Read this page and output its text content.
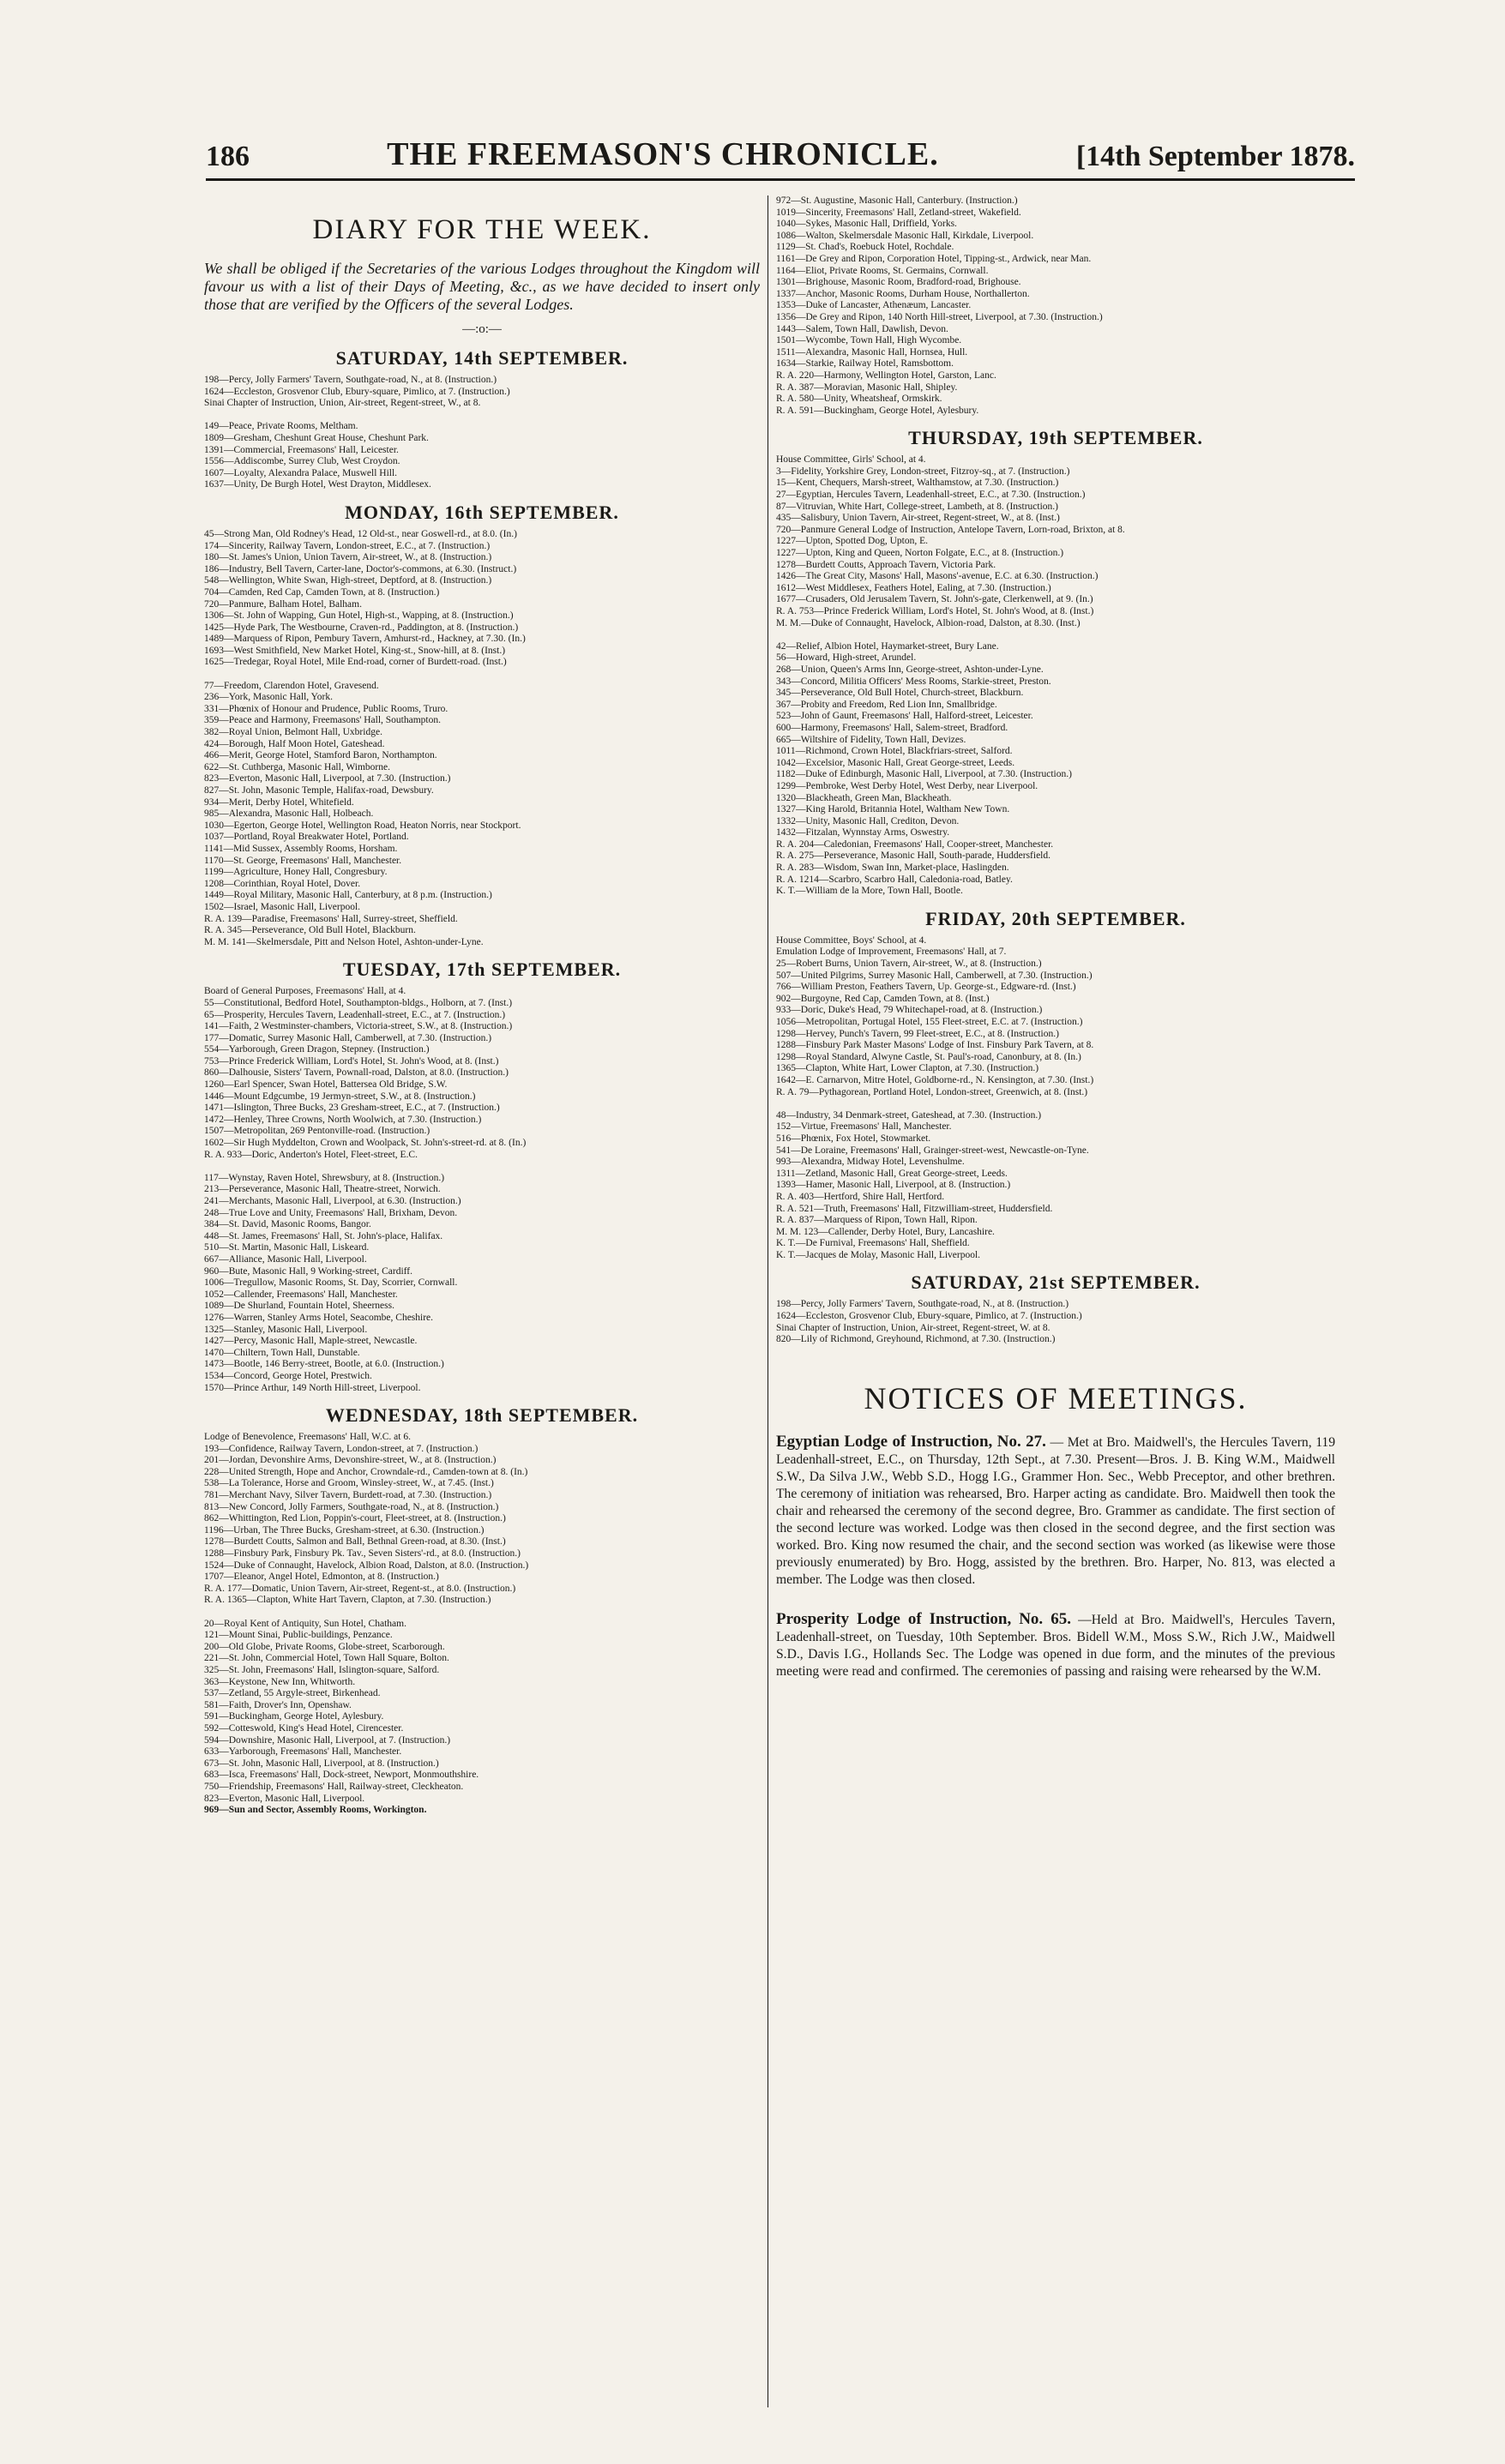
186	THE FREEMASON'S CHRONICLE.	[14th September 1878.
DIARY FOR THE WEEK.

We shall be obliged if the Secretaries of the various Lodges throughout the Kingdom will favour us with a list of their Days of Meeting, &c., as we have decided to insert only those that are verified by the Officers of the several Lodges.

—:o:—
SATURDAY, 14th SEPTEMBER.
198—Percy, Jolly Farmers' Tavern, Southgate-road, N., at 8. (Instruction.)
1624—Eccleston, Grosvenor Club, Ebury-square, Pimlico, at 7. (Instruction.)
Sinai Chapter of Instruction, Union, Air-street, Regent-street, W., at 8.

149—Peace, Private Rooms, Meltham.
1809—Gresham, Cheshunt Great House, Cheshunt Park.
1391—Commercial, Freemasons' Hall, Leicester.
1556—Addiscombe, Surrey Club, West Croydon.
1607—Loyalty, Alexandra Palace, Muswell Hill.
1637—Unity, De Burgh Hotel, West Drayton, Middlesex.
MONDAY, 16th SEPTEMBER.
45—Strong Man, Old Rodney's Head, 12 Old-st., near Goswell-rd., at 8.0. (In.)
174—Sincerity, Railway Tavern, London-street, E.C., at 7. (Instruction.)
180—St. James's Union, Union Tavern, Air-street, W., at 8. (Instruction.)
186—Industry, Bell Tavern, Carter-lane, Doctor's-commons, at 6.30. (Instruct.)
548—Wellington, White Swan, High-street, Deptford, at 8. (Instruction.)
704—Camden, Red Cap, Camden Town, at 8. (Instruction.)
720—Panmure, Balham Hotel, Balham.
1306—St. John of Wapping, Gun Hotel, High-st., Wapping, at 8. (Instruction.)
1425—Hyde Park, The Westbourne, Craven-rd., Paddington, at 8. (Instruction.)
1489—Marquess of Ripon, Pembury Tavern, Amhurst-rd., Hackney, at 7.30. (In.)
1693—West Smithfield, New Market Hotel, King-st., Snow-hill, at 8. (Inst.)
1625—Tredegar, Royal Hotel, Mile End-road, corner of Burdett-road. (Inst.)

77—Freedom, Clarendon Hotel, Gravesend.
236—York, Masonic Hall, York.
331—Phœnix of Honour and Prudence, Public Rooms, Truro.
359—Peace and Harmony, Freemasons' Hall, Southampton.
382—Royal Union, Belmont Hall, Uxbridge.
424—Borough, Half Moon Hotel, Gateshead.
466—Merit, George Hotel, Stamford Baron, Northampton.
622—St. Cuthberga, Masonic Hall, Wimborne.
823—Everton, Masonic Hall, Liverpool, at 7.30. (Instruction.)
827—St. John, Masonic Temple, Halifax-road, Dewsbury.
934—Merit, Derby Hotel, Whitefield.
985—Alexandra, Masonic Hall, Holbeach.
1030—Egerton, George Hotel, Wellington Road, Heaton Norris, near Stockport.
1037—Portland, Royal Breakwater Hotel, Portland.
1141—Mid Sussex, Assembly Rooms, Horsham.
1170—St. George, Freemasons' Hall, Manchester.
1199—Agriculture, Honey Hall, Congresbury.
1208—Corinthian, Royal Hotel, Dover.
1449—Royal Military, Masonic Hall, Canterbury, at 8 p.m. (Instruction.)
1502—Israel, Masonic Hall, Liverpool.
R. A. 139—Paradise, Freemasons' Hall, Surrey-street, Sheffield.
R. A. 345—Perseverance, Old Bull Hotel, Blackburn.
M. M. 141—Skelmersdale, Pitt and Nelson Hotel, Ashton-under-Lyne.
TUESDAY, 17th SEPTEMBER.
Board of General Purposes, Freemasons' Hall, at 4.
55—Constitutional, Bedford Hotel, Southampton-bldgs., Holborn, at 7. (Inst.)
65—Prosperity, Hercules Tavern, Leadenhall-street, E.C., at 7. (Instruction.)
141—Faith, 2 Westminster-chambers, Victoria-street, S.W., at 8. (Instruction.)
177—Domatic, Surrey Masonic Hall, Camberwell, at 7.30. (Instruction.)
554—Yarborough, Green Dragon, Stepney. (Instruction.)
753—Prince Frederick William, Lord's Hotel, St. John's Wood, at 8. (Inst.)
860—Dalhousie, Sisters' Tavern, Pownall-road, Dalston, at 8.0. (Instruction.)
1260—Earl Spencer, Swan Hotel, Battersea Old Bridge, S.W.
1446—Mount Edgcumbe, 19 Jermyn-street, S.W., at 8. (Instruction.)
1471—Islington, Three Bucks, 23 Gresham-street, E.C., at 7. (Instruction.)
1472—Henley, Three Crowns, North Woolwich, at 7.30. (Instruction.)
1507—Metropolitan, 269 Pentonville-road. (Instruction.)
1602—Sir Hugh Myddelton, Crown and Woolpack, St. John's-street-rd. at 8. (In.)
R. A. 933—Doric, Anderton's Hotel, Fleet-street, E.C.

117—Wynstay, Raven Hotel, Shrewsbury, at 8. (Instruction.)
213—Perseverance, Masonic Hall, Theatre-street, Norwich.
241—Merchants, Masonic Hall, Liverpool, at 6.30. (Instruction.)
248—True Love and Unity, Freemasons' Hall, Brixham, Devon.
384—St. David, Masonic Rooms, Bangor.
448—St. James, Freemasons' Hall, St. John's-place, Halifax.
510—St. Martin, Masonic Hall, Liskeard.
667—Alliance, Masonic Hall, Liverpool.
960—Bute, Masonic Hall, 9 Working-street, Cardiff.
1006—Tregullow, Masonic Rooms, St. Day, Scorrier, Cornwall.
1052—Callender, Freemasons' Hall, Manchester.
1089—De Shurland, Fountain Hotel, Sheerness.
1276—Warren, Stanley Arms Hotel, Seacombe, Cheshire.
1325—Stanley, Masonic Hall, Liverpool.
1427—Percy, Masonic Hall, Maple-street, Newcastle.
1470—Chiltern, Town Hall, Dunstable.
1473—Bootle, 146 Berry-street, Bootle, at 6.0. (Instruction.)
1534—Concord, George Hotel, Prestwich.
1570—Prince Arthur, 149 North Hill-street, Liverpool.
WEDNESDAY, 18th SEPTEMBER.
Lodge of Benevolence, Freemasons' Hall, W.C. at 6.
193—Confidence, Railway Tavern, London-street, at 7. (Instruction.)
201—Jordan, Devonshire Arms, Devonshire-street, W., at 8. (Instruction.)
228—United Strength, Hope and Anchor, Crowndale-rd., Camden-town at 8. (In.)
538—La Tolerance, Horse and Groom, Winsley-street, W., at 7.45. (Inst.)
781—Merchant Navy, Silver Tavern, Burdett-road, at 7.30. (Instruction.)
813—New Concord, Jolly Farmers, Southgate-road, N., at 8. (Instruction.)
862—Whittington, Red Lion, Poppin's-court, Fleet-street, at 8. (Instruction.)
1196—Urban, The Three Bucks, Gresham-street, at 6.30. (Instruction.)
1278—Burdett Coutts, Salmon and Ball, Bethnal Green-road, at 8.30. (Inst.)
1288—Finsbury Park, Finsbury Pk. Tav., Seven Sisters'-rd., at 8.0. (Instruction.)
1524—Duke of Connaught, Havelock, Albion Road, Dalston, at 8.0. (Instruction.)
1707—Eleanor, Angel Hotel, Edmonton, at 8. (Instruction.)
R. A. 177—Domatic, Union Tavern, Air-street, Regent-st., at 8.0. (Instruction.)
R. A. 1365—Clapton, White Hart Tavern, Clapton, at 7.30. (Instruction.)

20—Royal Kent of Antiquity, Sun Hotel, Chatham.
121—Mount Sinai, Public-buildings, Penzance.
200—Old Globe, Private Rooms, Globe-street, Scarborough.
221—St. John, Commercial Hotel, Town Hall Square, Bolton.
325—St. John, Freemasons' Hall, Islington-square, Salford.
363—Keystone, New Inn, Whitworth.
537—Zetland, 55 Argyle-street, Birkenhead.
581—Faith, Drover's Inn, Openshaw.
591—Buckingham, George Hotel, Aylesbury.
592—Cotteswold, King's Head Hotel, Cirencester.
594—Downshire, Masonic Hall, Liverpool, at 7. (Instruction.)
633—Yarborough, Freemasons' Hall, Manchester.
673—St. John, Masonic Hall, Liverpool, at 8. (Instruction.)
683—Isca, Freemasons' Hall, Dock-street, Newport, Monmouthshire.
750—Friendship, Freemasons' Hall, Railway-street, Cleckheaton.
823—Everton, Masonic Hall, Liverpool.
969—Sun and Sector, Assembly Rooms, Workington.
972—St. Augustine, Masonic Hall, Canterbury. (Instruction.)
1019—Sincerity, Freemasons' Hall, Zetland-street, Wakefield.
1040—Sykes, Masonic Hall, Driffield, Yorks.
1086—Walton, Skelmersdale Masonic Hall, Kirkdale, Liverpool.
1129—St. Chad's, Roebuck Hotel, Rochdale.
1161—De Grey and Ripon, Corporation Hotel, Tipping-st., Ardwick, near Man.
1164—Eliot, Private Rooms, St. Germains, Cornwall.
1301—Brighouse, Masonic Room, Bradford-road, Brighouse.
1337—Anchor, Masonic Rooms, Durham House, Northallerton.
1353—Duke of Lancaster, Athenæum, Lancaster.
1356—De Grey and Ripon, 140 North Hill-street, Liverpool, at 7.30. (Instruction.)
1443—Salem, Town Hall, Dawlish, Devon.
1501—Wycombe, Town Hall, High Wycombe.
1511—Alexandra, Masonic Hall, Hornsea, Hull.
1634—Starkie, Railway Hotel, Ramsbottom.
R. A. 220—Harmony, Wellington Hotel, Garston, Lanc.
R. A. 387—Moravian, Masonic Hall, Shipley.
R. A. 580—Unity, Wheatsheaf, Ormskirk.
R. A. 591—Buckingham, George Hotel, Aylesbury.
THURSDAY, 19th SEPTEMBER.
House Committee, Girls' School, at 4.
3—Fidelity, Yorkshire Grey, London-street, Fitzroy-sq., at 7. (Instruction.)
15—Kent, Chequers, Marsh-street, Walthamstow, at 7.30. (Instruction.)
27—Egyptian, Hercules Tavern, Leadenhall-street, E.C., at 7.30. (Instruction.)
87—Vitruvian, White Hart, College-street, Lambeth, at 8. (Instruction.)
435—Salisbury, Union Tavern, Air-street, Regent-street, W., at 8. (Inst.)
720—Panmure General Lodge of Instruction, Antelope Tavern, Lorn-road, Brixton, at 8.
1227—Upton, Spotted Dog, Upton, E.
1227—Upton, King and Queen, Norton Folgate, E.C., at 8. (Instruction.)
1278—Burdett Coutts, Approach Tavern, Victoria Park.
1426—The Great City, Masons' Hall, Masons'-avenue, E.C. at 6.30. (Instruction.)
1612—West Middlesex, Feathers Hotel, Ealing, at 7.30. (Instruction.)
1677—Crusaders, Old Jerusalem Tavern, St. John's-gate, Clerkenwell, at 9. (In.)
R. A. 753—Prince Frederick William, Lord's Hotel, St. John's Wood, at 8. (Inst.)
M. M.—Duke of Connaught, Havelock, Albion-road, Dalston, at 8.30. (Inst.)

42—Relief, Albion Hotel, Haymarket-street, Bury Lane.
56—Howard, High-street, Arundel.
268—Union, Queen's Arms Inn, George-street, Ashton-under-Lyne.
343—Concord, Militia Officers' Mess Rooms, Starkie-street, Preston.
345—Perseverance, Old Bull Hotel, Church-street, Blackburn.
367—Probity and Freedom, Red Lion Inn, Smallbridge.
523—John of Gaunt, Freemasons' Hall, Halford-street, Leicester.
600—Harmony, Freemasons' Hall, Salem-street, Bradford.
665—Wiltshire of Fidelity, Town Hall, Devizes.
1011—Richmond, Crown Hotel, Blackfriars-street, Salford.
1042—Excelsior, Masonic Hall, Great George-street, Leeds.
1182—Duke of Edinburgh, Masonic Hall, Liverpool, at 7.30. (Instruction.)
1299—Pembroke, West Derby Hotel, West Derby, near Liverpool.
1320—Blackheath, Green Man, Blackheath.
1327—King Harold, Britannia Hotel, Waltham New Town.
1332—Unity, Masonic Hall, Crediton, Devon.
1432—Fitzalan, Wynnstay Arms, Oswestry.
R. A. 204—Caledonian, Freemasons' Hall, Cooper-street, Manchester.
R. A. 275—Perseverance, Masonic Hall, South-parade, Huddersfield.
R. A. 283—Wisdom, Swan Inn, Market-place, Haslingden.
R. A. 1214—Scarbro, Scarbro Hall, Caledonia-road, Batley.
K. T.—William de la More, Town Hall, Bootle.
FRIDAY, 20th SEPTEMBER.
House Committee, Boys' School, at 4.
Emulation Lodge of Improvement, Freemasons' Hall, at 7.
25—Robert Burns, Union Tavern, Air-street, W., at 8. (Instruction.)
507—United Pilgrims, Surrey Masonic Hall, Camberwell, at 7.30. (Instruction.)
766—William Preston, Feathers Tavern, Up. George-st., Edgware-rd. (Inst.)
902—Burgoyne, Red Cap, Camden Town, at 8. (Inst.)
933—Doric, Duke's Head, 79 Whitechapel-road, at 8. (Instruction.)
1056—Metropolitan, Portugal Hotel, 155 Fleet-street, E.C. at 7. (Instruction.)
1298—Hervey, Punch's Tavern, 99 Fleet-street, E.C., at 8. (Instruction.)
1288—Finsbury Park Master Masons' Lodge of Inst. Finsbury Park Tavern, at 8.
1298—Royal Standard, Alwyne Castle, St. Paul's-road, Canonbury, at 8. (In.)
1365—Clapton, White Hart, Lower Clapton, at 7.30. (Instruction.)
1642—E. Carnarvon, Mitre Hotel, Goldborne-rd., N. Kensington, at 7.30. (Inst.)
R. A. 79—Pythagorean, Portland Hotel, London-street, Greenwich, at 8. (Inst.)

48—Industry, 34 Denmark-street, Gateshead, at 7.30. (Instruction.)
152—Virtue, Freemasons' Hall, Manchester.
516—Phœnix, Fox Hotel, Stowmarket.
541—De Loraine, Freemasons' Hall, Grainger-street-west, Newcastle-on-Tyne.
993—Alexandra, Midway Hotel, Levenshulme.
1311—Zetland, Masonic Hall, Great George-street, Leeds.
1393—Hamer, Masonic Hall, Liverpool, at 8. (Instruction.)
R. A. 403—Hertford, Shire Hall, Hertford.
R. A. 521—Truth, Freemasons' Hall, Fitzwilliam-street, Huddersfield.
R. A. 837—Marquess of Ripon, Town Hall, Ripon.
M. M. 123—Callender, Derby Hotel, Bury, Lancashire.
K. T.—De Furnival, Freemasons' Hall, Sheffield.
K. T.—Jacques de Molay, Masonic Hall, Liverpool.
SATURDAY, 21st SEPTEMBER.
198—Percy, Jolly Farmers' Tavern, Southgate-road, N., at 8. (Instruction.)
1624—Eccleston, Grosvenor Club, Ebury-square, Pimlico, at 7. (Instruction.)
Sinai Chapter of Instruction, Union, Air-street, Regent-street, W. at 8.
820—Lily of Richmond, Greyhound, Richmond, at 7.30. (Instruction.)
NOTICES OF MEETINGS.

Egyptian Lodge of Instruction, No. 27. — Met at Bro. Maidwell's, the Hercules Tavern, 119 Leadenhall-street, E.C., on Thursday, 12th Sept., at 7.30. Present—Bros. J. B. King W.M., Maidwell S.W., Da Silva J.W., Webb S.D., Hogg I.G., Grammer Hon. Sec., Webb Preceptor, and other brethren. The ceremony of initiation was rehearsed, Bro. Harper acting as candidate. Bro. Maidwell then took the chair and rehearsed the ceremony of the second degree, Bro. Grammer as candidate. The first section of the second lecture was worked. Lodge was then closed in the second degree, and the first section was worked. Bro. King now resumed the chair, and the second section was worked (as likewise were those previously enumerated) by Bro. Hogg, assisted by the brethren. Bro. Harper, No. 813, was elected a member. The Lodge was then closed.

Prosperity Lodge of Instruction, No. 65. —Held at Bro. Maidwell's, Hercules Tavern, Leadenhall-street, on Tuesday, 10th September. Bros. Bidell W.M., Moss S.W., Rich J.W., Maidwell S.D., Davis I.G., Hollands Sec. The Lodge was opened in due form, and the minutes of the previous meeting were read and confirmed. The ceremonies of passing and raising were rehearsed by the W.M.
